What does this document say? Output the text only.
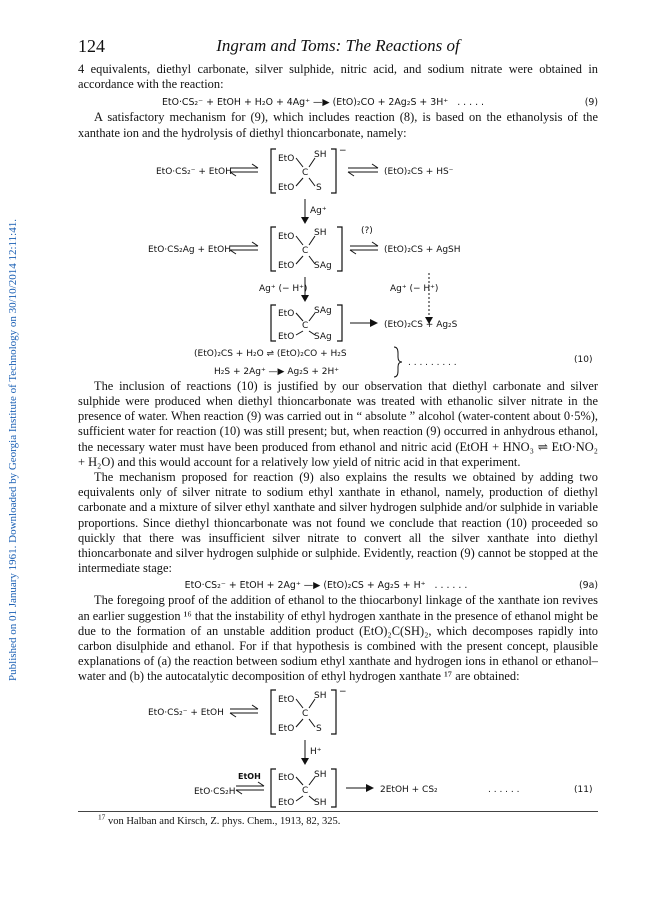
Published on 01 January 1961. Downloaded by Georgia Institute of Technology on 30/10/2014 12:11:41.
124	Ingram and Toms: The Reactions of

4 equivalents, diethyl carbonate, silver sulphide, nitric acid, and sodium nitrate were obtained in accordance with the reaction:

EtO·CS₂⁻ + EtOH + H₂O + 4Ag⁺ —▶ (EtO)₂CO + 2Ag₂S + 3H⁺ . . . . .	(9)

A satisfactory mechanism for (9), which includes reaction (8), is based on the ethanolysis of the xanthate ion and the hydrolysis of diethyl thioncarbonate, namely:

EtO·CS₂⁻ + EtOH
EtO
EtO
C
SH
S
−
(EtO)₂CS + HS⁻
Ag⁺
EtO·CS₂Ag + EtOH
EtO
EtO
C
SH
SAg
(?)
(EtO)₂CS + AgSH
Ag⁺ (− H⁺)	Ag⁺ (− H⁺)
EtO
EtO
C
SAg
SAg
(EtO)₂CS + Ag₂S
(EtO)₂CS + H₂O ⇌ (EtO)₂CO + H₂S
H₂S + 2Ag⁺ —▶ Ag₂S + 2H⁺
. . . . . . . . .	(10)

The inclusion of reactions (10) is justified by our observation that diethyl carbonate and silver sulphide were produced when diethyl thioncarbonate was treated with ethanolic silver nitrate in the presence of water. When reaction (9) was carried out in “ absolute ” alcohol (water-content about 0·5%), sufficient water for reaction (10) was still present; but, when reaction (9) occurred in anhydrous ethanol, the necessary water must have been produced from ethanol and nitric acid (EtOH + HNO₃ ⇌ EtO·NO₂ + H₂O) and this would account for a relatively low yield of nitric acid in that experiment.

The mechanism proposed for reaction (9) also explains the results we obtained by adding two equivalents only of silver nitrate to sodium ethyl xanthate in ethanol, namely, production of diethyl carbonate and a mixture of silver ethyl xanthate and silver hydrogen sulphide and/or sulphide in variable proportions. Since diethyl thioncarbonate was not found we conclude that reaction (10) proceeded so quickly that there was insufficient silver nitrate to convert all the silver xanthate into diethyl thioncarbonate and silver hydrogen sulphide or sulphide. Evidently, reaction (9) cannot be stopped at the intermediate stage:

EtO·CS₂⁻ + EtOH + 2Ag⁺ —▶ (EtO)₂CS + Ag₂S + H⁺ . . . . . .	(9a)

The foregoing proof of the addition of ethanol to the thiocarbonyl linkage of the xanthate ion revives an earlier suggestion ¹⁶ that the instability of ethyl hydrogen xanthate in the presence of ethanol might be due to the formation of an unstable addition product (EtO)₂C(SH)₂, which decomposes rapidly into carbon disulphide and ethanol. For if that hypothesis is combined with the present concept, plausible explanations of (a) the reaction between sodium ethyl xanthate and hydrogen ions in ethanol or ethanol–water and (b) the autocatalytic decomposition of ethyl hydrogen xanthate ¹⁷ are obtained:

EtO·CS₂⁻ + EtOH
EtO
EtO
C
SH
S
−
H⁺
EtO·CS₂H
EtOH EtO
EtO
C
SH
SH
2EtOH + CS₂	. . . . . .	(11)
$^{17}$ von Halban and Kirsch, Z. phys. Chem., 1913, 82, 325.
